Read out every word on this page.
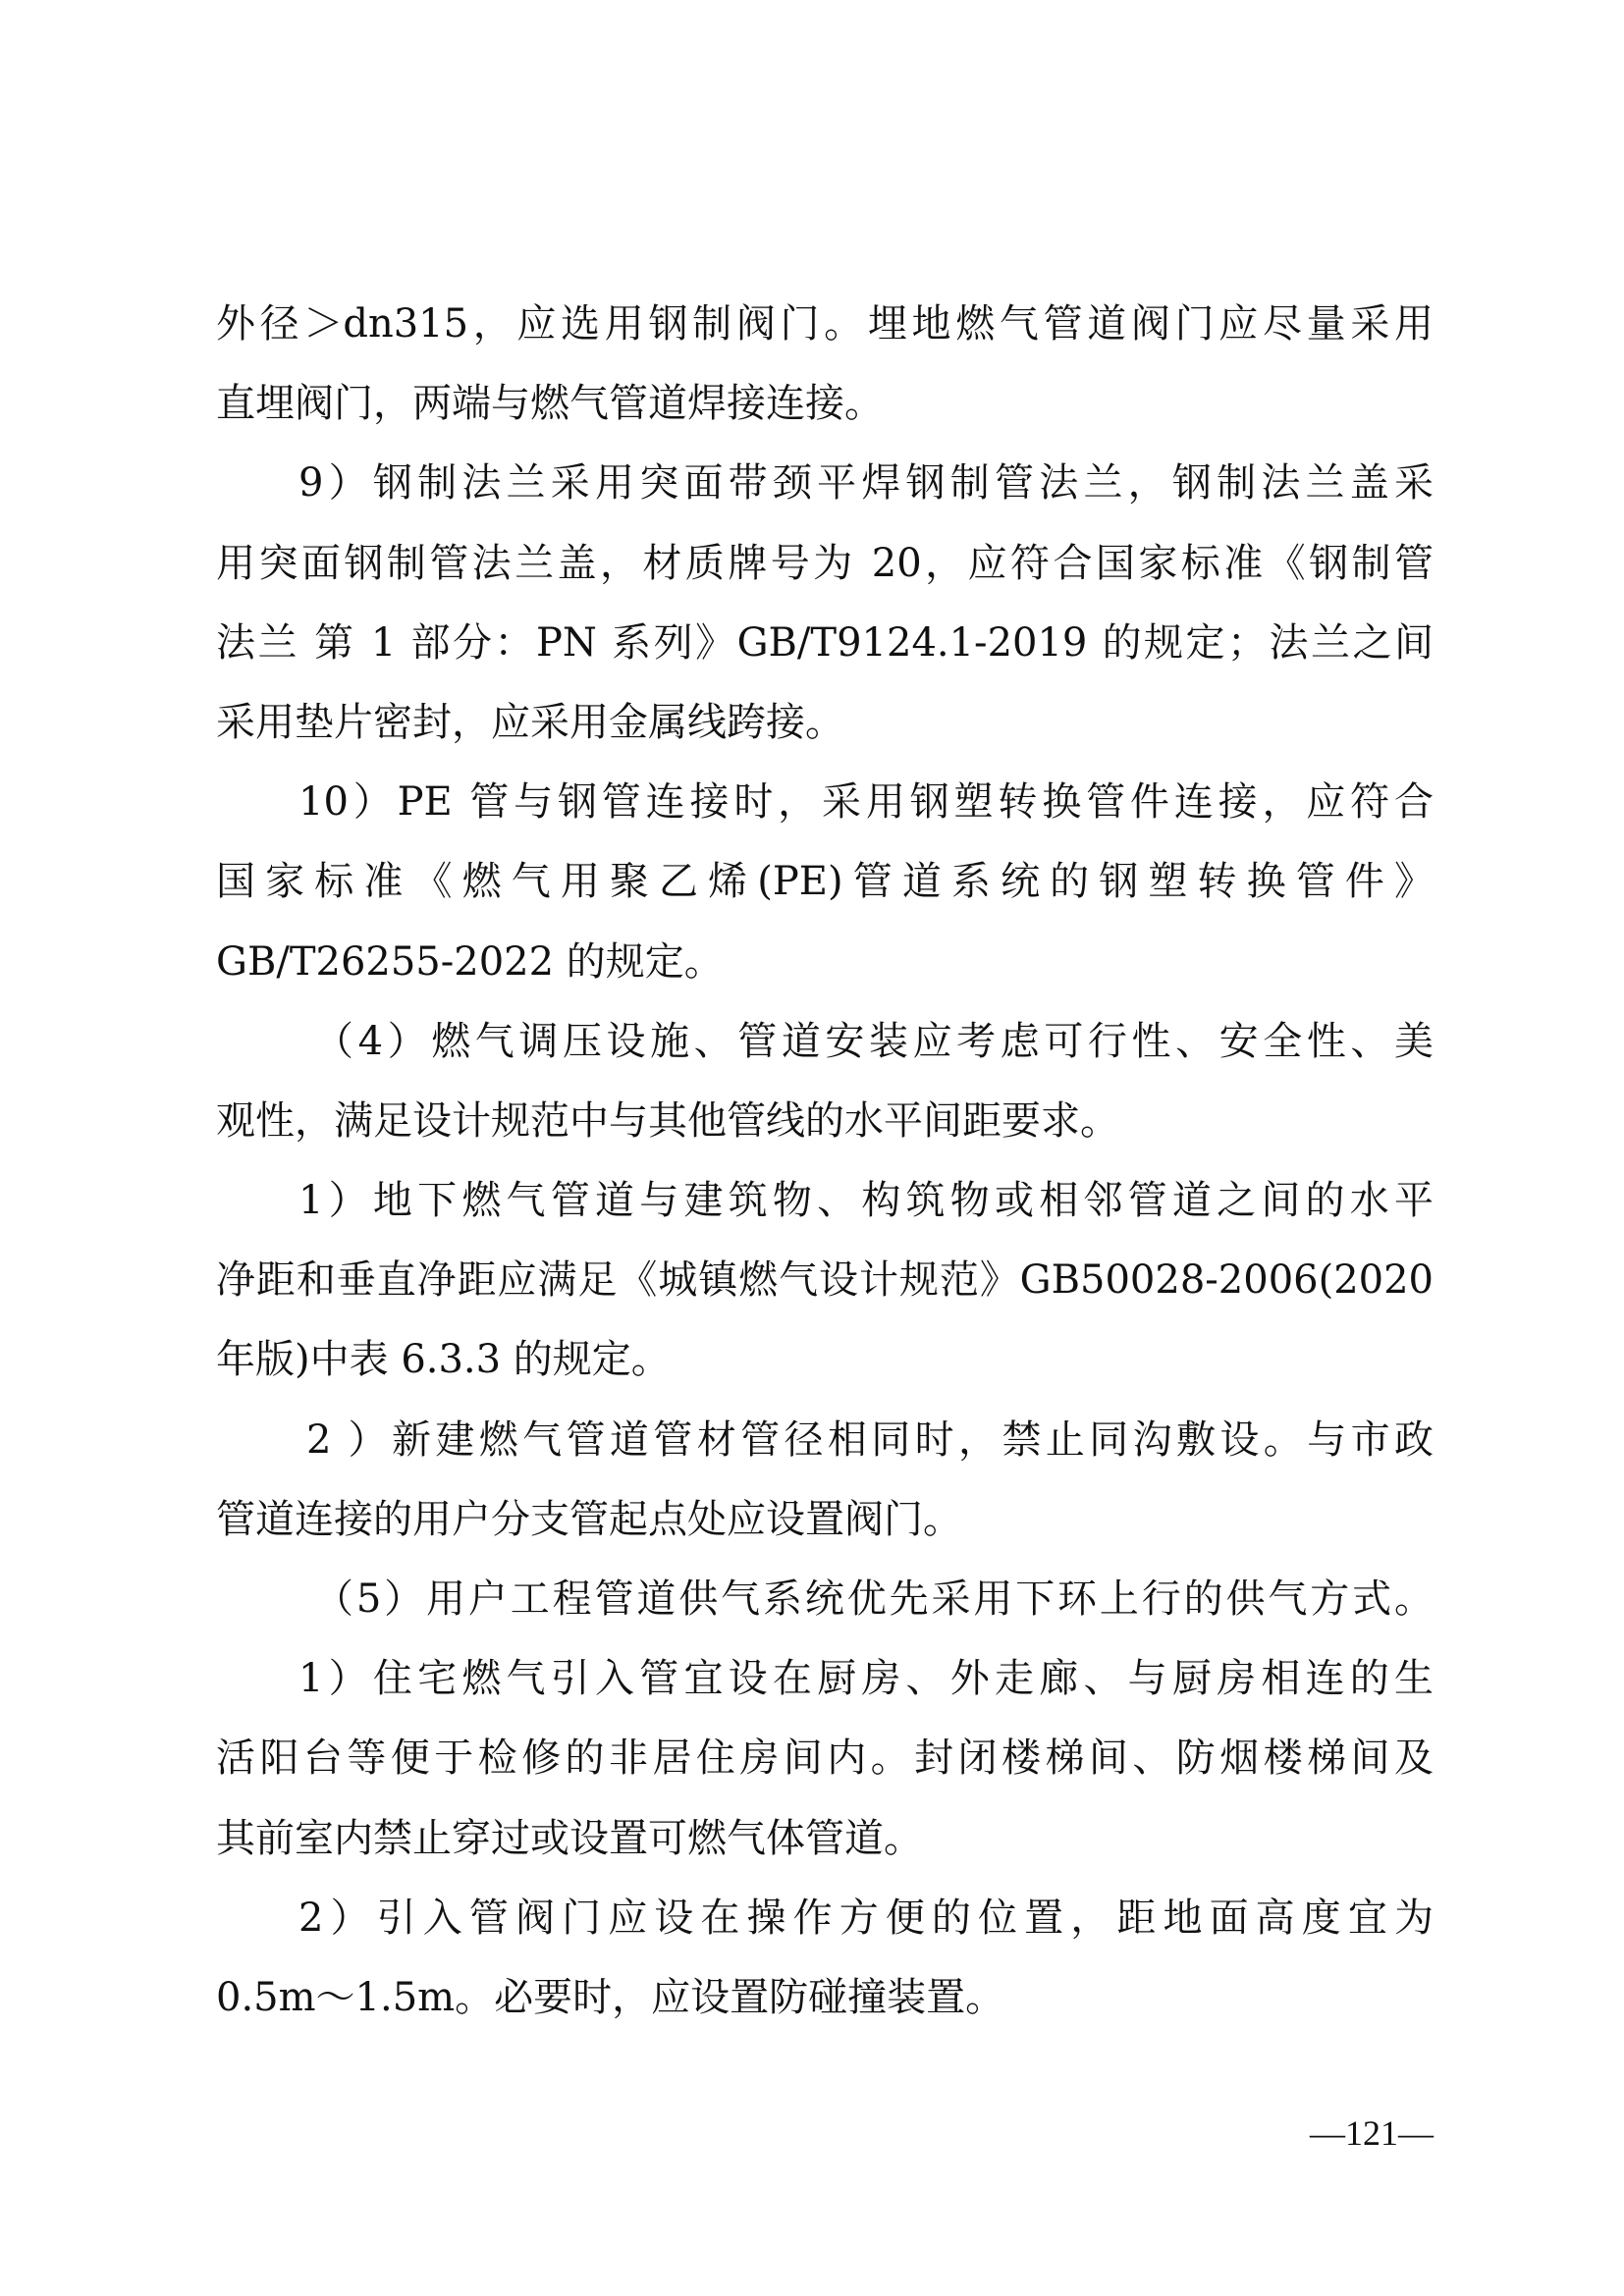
外径＞dn315，应选用钢制阀门。埋地燃气管道阀门应尽量采用
直埋阀门，两端与燃气管道焊接连接。
9）钢制法兰采用突面带颈平焊钢制管法兰，钢制法兰盖采
用突面钢制管法兰盖，材质牌号为 20，应符合国家标准《钢制管
法兰 第 1 部分：PN 系列》GB/T9124.1-2019 的规定；法兰之间
采用垫片密封，应采用金属线跨接。
10）PE 管与钢管连接时，采用钢塑转换管件连接，应符合
国家标准《燃气用聚乙烯(PE)管道系统的钢塑转换管件》
GB/T26255-2022 的规定。
（4）燃气调压设施、管道安装应考虑可行性、安全性、美
观性，满足设计规范中与其他管线的水平间距要求。
1）地下燃气管道与建筑物、构筑物或相邻管道之间的水平
净距和垂直净距应满足《城镇燃气设计规范》GB50028-2006(2020
年版)中表 6.3.3 的规定。
2 ）新建燃气管道管材管径相同时，禁止同沟敷设。与市政
管道连接的用户分支管起点处应设置阀门。
（5）用户工程管道供气系统优先采用下环上行的供气方式。
1）住宅燃气引入管宜设在厨房、外走廊、与厨房相连的生
活阳台等便于检修的非居住房间内。封闭楼梯间、防烟楼梯间及
其前室内禁止穿过或设置可燃气体管道。
2）引入管阀门应设在操作方便的位置，距地面高度宜为
0.5m～1.5m。必要时，应设置防碰撞装置。
—121—
